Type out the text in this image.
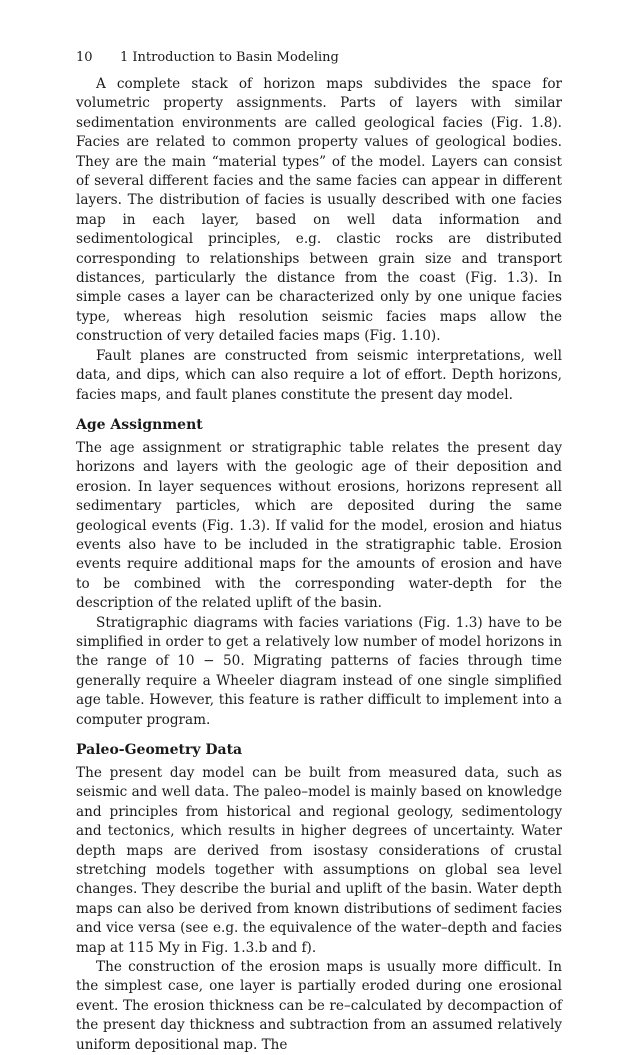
10 1 Introduction to Basin Modeling

A complete stack of horizon maps subdivides the space for volumetric property assignments. Parts of layers with similar sedimentation environments are called geological facies (Fig. 1.8). Facies are related to common property values of geological bodies. They are the main “material types” of the model. Layers can consist of several different facies and the same facies can appear in different layers. The distribution of facies is usually described with one facies map in each layer, based on well data information and sedimentological principles, e.g. clastic rocks are distributed corresponding to relationships between grain size and transport distances, particularly the distance from the coast (Fig. 1.3). In simple cases a layer can be characterized only by one unique facies type, whereas high resolution seismic facies maps allow the construction of very detailed facies maps (Fig. 1.10).

Fault planes are constructed from seismic interpretations, well data, and dips, which can also require a lot of effort. Depth horizons, facies maps, and fault planes constitute the present day model.

Age Assignment

The age assignment or stratigraphic table relates the present day horizons and layers with the geologic age of their deposition and erosion. In layer sequences without erosions, horizons represent all sedimentary particles, which are deposited during the same geological events (Fig. 1.3). If valid for the model, erosion and hiatus events also have to be included in the stratigraphic table. Erosion events require additional maps for the amounts of erosion and have to be combined with the corresponding water-depth for the description of the related uplift of the basin.

Stratigraphic diagrams with facies variations (Fig. 1.3) have to be simplified in order to get a relatively low number of model horizons in the range of 10 − 50. Migrating patterns of facies through time generally require a Wheeler diagram instead of one single simplified age table. However, this feature is rather difficult to implement into a computer program.

Paleo-Geometry Data

The present day model can be built from measured data, such as seismic and well data. The paleo–model is mainly based on knowledge and principles from historical and regional geology, sedimentology and tectonics, which results in higher degrees of uncertainty. Water depth maps are derived from isostasy considerations of crustal stretching models together with assumptions on global sea level changes. They describe the burial and uplift of the basin. Water depth maps can also be derived from known distributions of sediment facies and vice versa (see e.g. the equivalence of the water–depth and facies map at 115 My in Fig. 1.3.b and f).

The construction of the erosion maps is usually more difficult. In the simplest case, one layer is partially eroded during one erosional event. The erosion thickness can be re–calculated by decompaction of the present day thickness and subtraction from an assumed relatively uniform depositional map. The
